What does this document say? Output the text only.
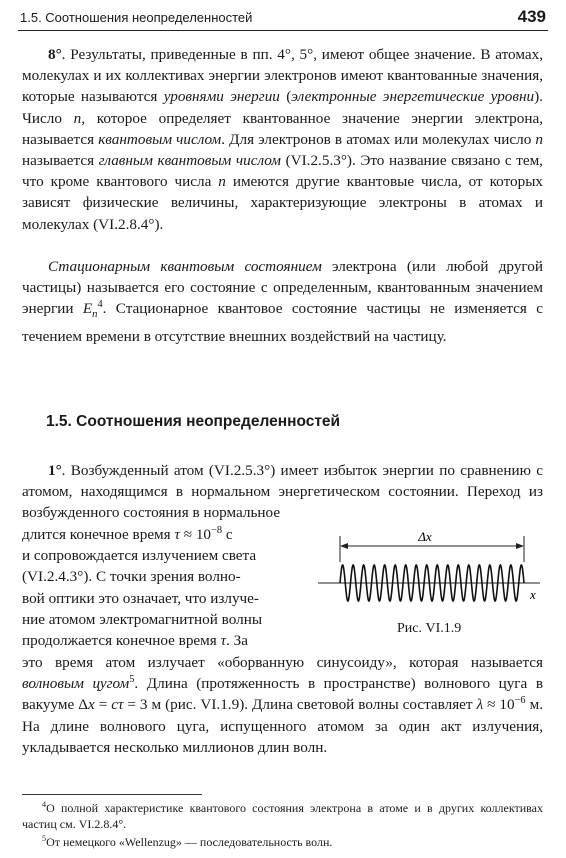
1.5. Соотношения неопределенностей	439

8°. Результаты, приведенные в пп. 4°, 5°, имеют общее значение. В атомах, молекулах и их коллективах энергии электронов имеют квантованные значения, которые называются уровнями энергии (электронные энергетические уровни). Число n, которое определяет квантованное значение энергии электрона, называется квантовым числом. Для электронов в атомах или молекулах число n называется главным квантовым числом (VI.2.5.3°). Это название связано с тем, что кроме квантового числа n имеются другие квантовые числа, от которых зависят физические величины, характеризующие электроны в атомах и молекулах (VI.2.8.4°).

Стационарным квантовым состоянием электрона (или любой другой частицы) называется его состояние с определенным, квантованным значением энергии $E_n^4$. Стационарное квантовое состояние частицы не изменяется с течением времени в отсутствие внешних воздействий на частицу.

1.5. Соотношения неопределенностей

1°. Возбужденный атом (VI.2.5.3°) имеет избыток энергии по сравнению с атомом, находящимся в нормальном энергетическом состоянии. Переход из возбужденного состояния в нормальное

длится конечное время $\tau \approx 10^{-8}$ с
и сопровождается излучением света
(VI.2.4.3°). С точки зрения волно-
вой оптики это означает, что излуче-
ние атомом электромагнитной волны
продолжается конечное время τ. За
Δx
x
Рис. VI.1.9

это время атом излучает «оборванную синусоиду», которая называется волновым цугом$^5$. Длина (протяженность в пространстве) волнового цуга в вакууме Δx = cτ = 3 м (рис. VI.1.9). Длина световой волны составляет $\lambda \approx 10^{-6}$ м. На длине волнового цуга, испущенного атомом за один акт излучения, укладывается несколько миллионов длин волн.

$^4$О полной характеристике квантового состояния электрона в атоме и в других коллективах частиц см. VI.2.8.4°.

$^5$От немецкого «Wellenzug» — последовательность волн.
